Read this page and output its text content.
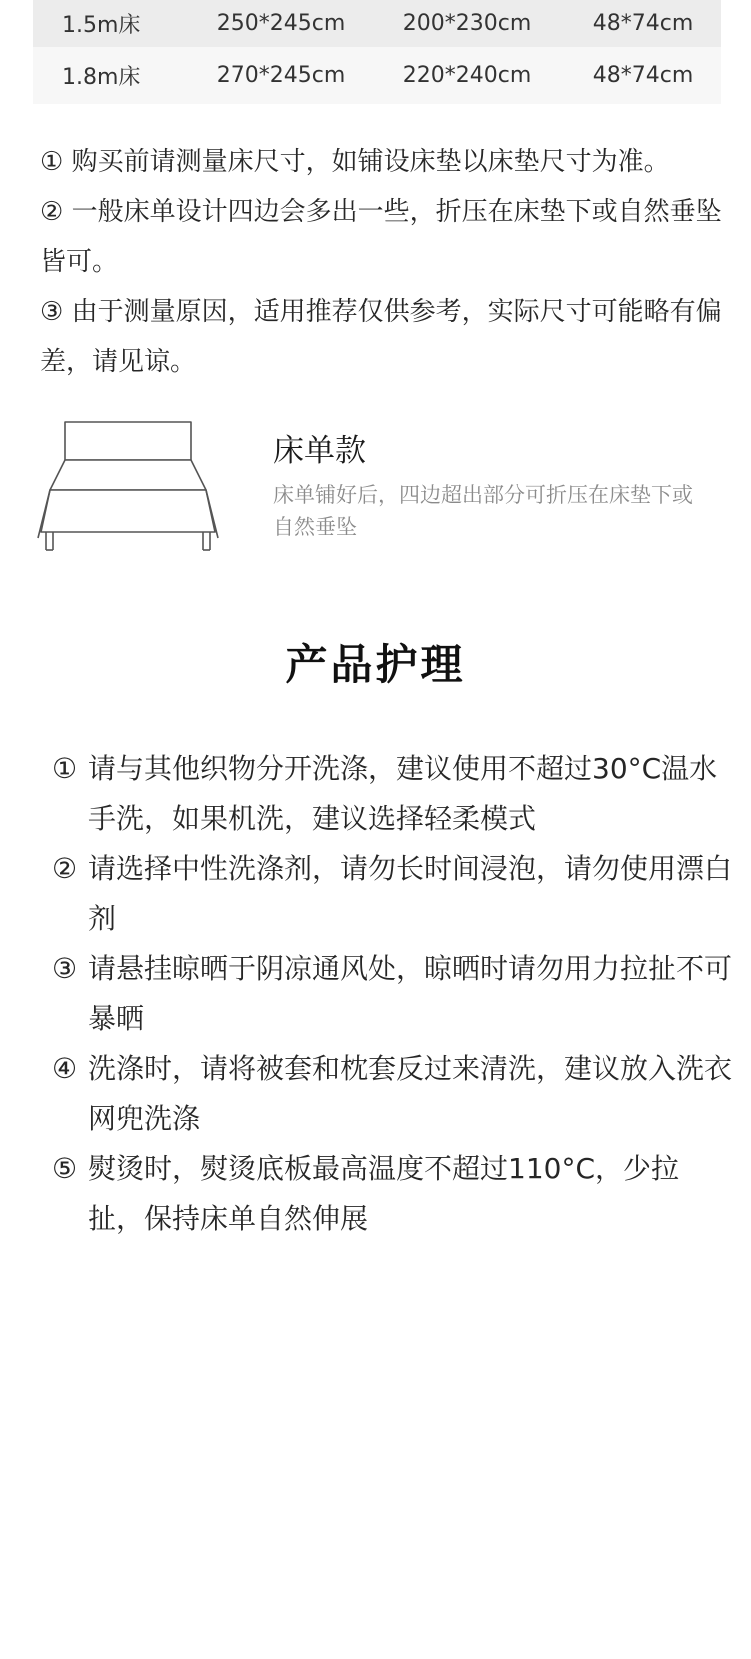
1.5m床	250*245cm	200*230cm	48*74cm
1.8m床	270*245cm	220*240cm	48*74cm

① 购买前请测量床尺寸，如铺设床垫以床垫尺寸为准。

② 一般床单设计四边会多出一些，折压在床垫下或自然垂坠皆可。

③ 由于测量原因，适用推荐仅供参考，实际尺寸可能略有偏差，请见谅。

床单款
床单铺好后，四边超出部分可折压在床垫下或自然垂坠
产品护理
① 请与其他织物分开洗涤，建议使用不超过30°C温水手洗，如果机洗，建议选择轻柔模式
② 请选择中性洗涤剂，请勿长时间浸泡，请勿使用漂白剂
③ 请悬挂晾晒于阴凉通风处，晾晒时请勿用力拉扯不可暴晒
④ 洗涤时，请将被套和枕套反过来清洗，建议放入洗衣网兜洗涤
⑤ 熨烫时，熨烫底板最高温度不超过110°C，少拉扯，保持床单自然伸展
